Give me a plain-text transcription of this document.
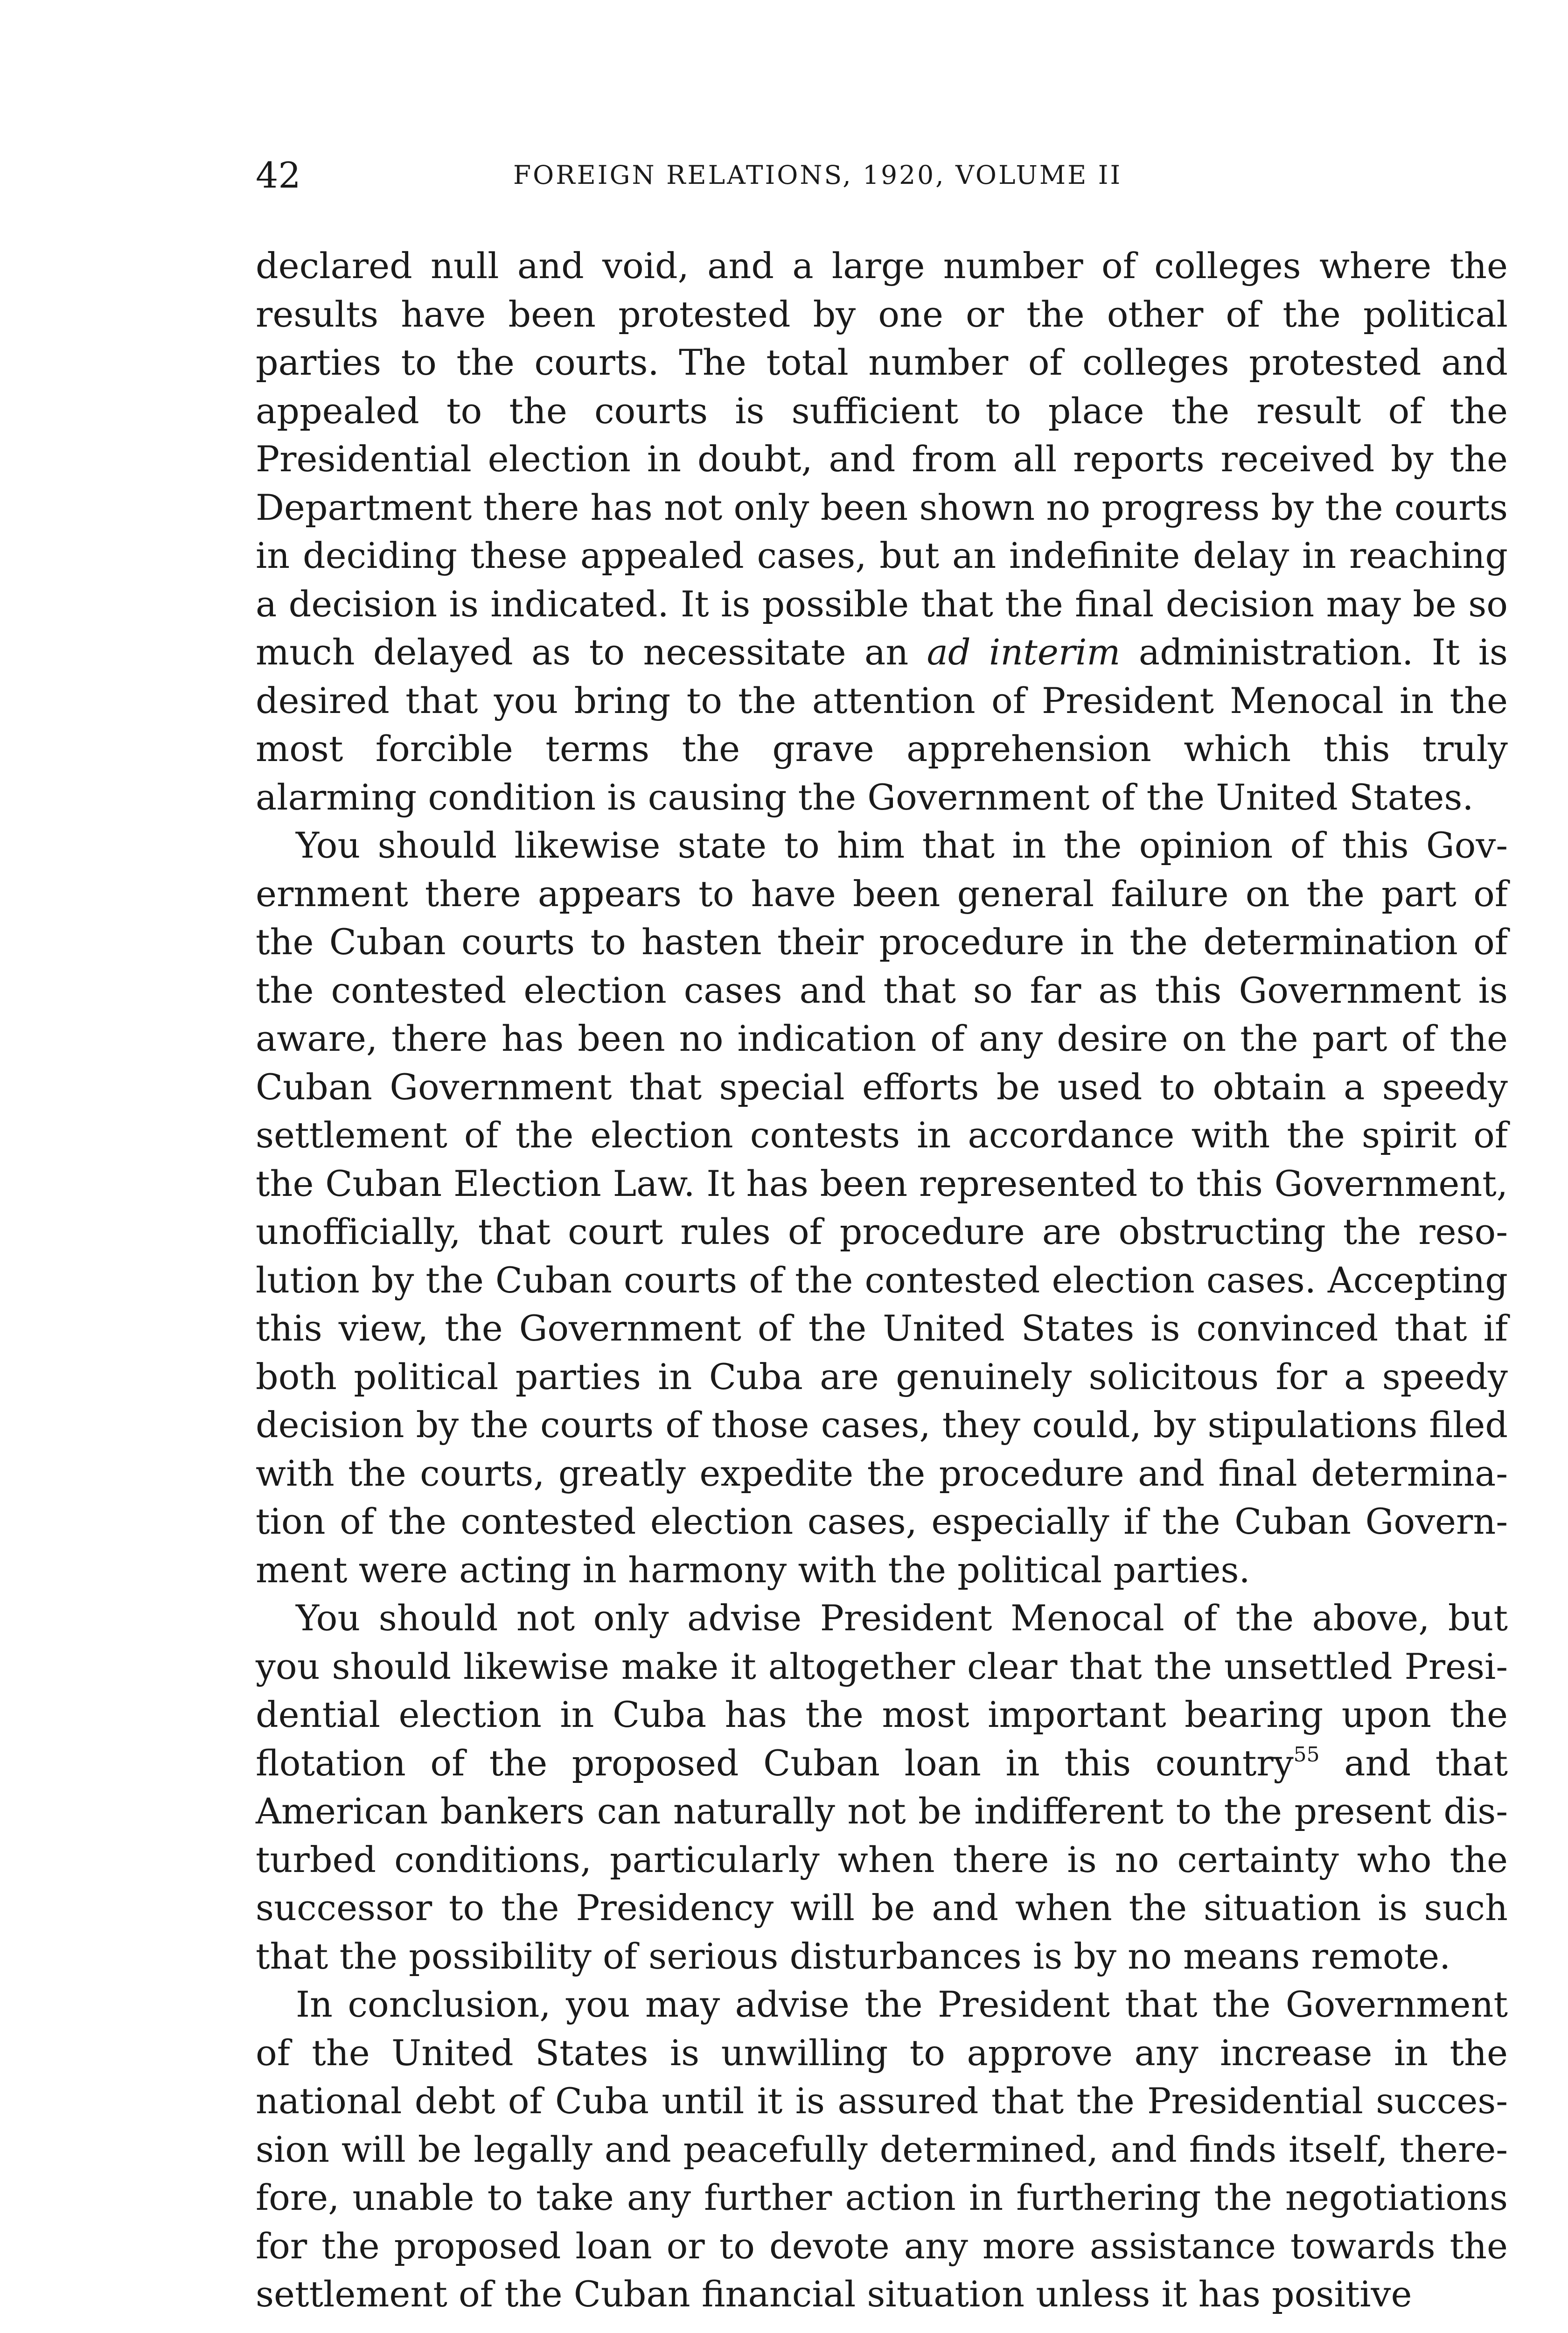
42	FOREIGN RELATIONS, 1920, VOLUME II

declared null and void, and a large number of colleges where the results have been protested by one or the other of the political parties to the courts. The total number of colleges protested and appealed to the courts is sufficient to place the result of the Presidential election in doubt, and from all reports received by the Department there has not only been shown no progress by the courts in deciding these appealed cases, but an indefinite delay in reaching a decision is indicated. It is possible that the final decision may be so much delayed as to necessitate an ad interim administration. It is desired that you bring to the attention of President Menocal in the most forcible terms the grave apprehension which this truly alarming condition is causing the Government of the United States.

You should likewise state to him that in the opinion of this Government there appears to have been general failure on the part of the Cuban courts to hasten their procedure in the determination of the contested election cases and that so far as this Government is aware, there has been no indication of any desire on the part of the Cuban Government that special efforts be used to obtain a speedy settlement of the election contests in accordance with the spirit of the Cuban Election Law. It has been represented to this Government, unofficially, that court rules of procedure are obstructing the resolution by the Cuban courts of the contested election cases. Accepting this view, the Government of the United States is convinced that if both political parties in Cuba are genuinely solicitous for a speedy decision by the courts of those cases, they could, by stipulations filed with the courts, greatly expedite the procedure and final determination of the contested election cases, especially if the Cuban Government were acting in harmony with the political parties.

You should not only advise President Menocal of the above, but you should likewise make it altogether clear that the unsettled Presidential election in Cuba has the most important bearing upon the flotation of the proposed Cuban loan in this country$^{55}$ and that American bankers can naturally not be indifferent to the present disturbed conditions, particularly when there is no certainty who the successor to the Presidency will be and when the situation is such that the possibility of serious disturbances is by no means remote.

In conclusion, you may advise the President that the Government of the United States is unwilling to approve any increase in the national debt of Cuba until it is assured that the Presidential succession will be legally and peacefully determined, and finds itself, therefore, unable to take any further action in furthering the negotiations for the proposed loan or to devote any more assistance towards the settlement of the Cuban financial situation unless it has positive
